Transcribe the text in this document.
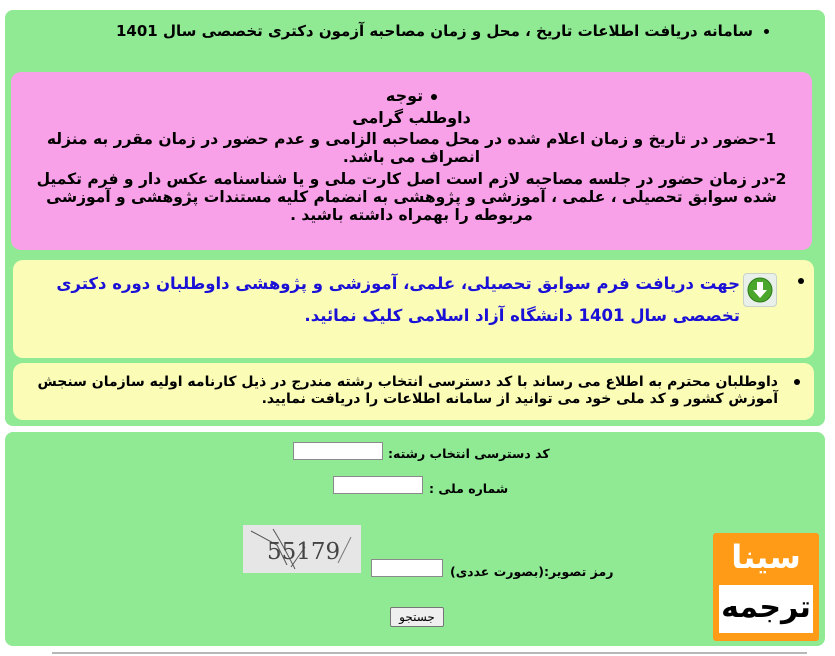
• سامانه دریافت اطلاعات تاریخ ، محل و زمان مصاحبه آزمون دکتری تخصصی سال 1401
توجه
داوطلب گرامی
1-حضور در تاریخ و زمان اعلام شده در محل مصاحبه الزامی و عدم حضور در زمان مقرر به منزله انصراف می باشد.
2-در زمان حضور در جلسه مصاحبه لازم است اصل کارت ملی و یا شناسنامه عکس دار و فرم تکمیل شده سوابق تحصیلی ، علمی ، آموزشی و پژوهشی به انضمام کلیه مستندات پژوهشی و آموزشی مربوطه را بهمراه داشته باشید .
جهت دریافت فرم سوابق تحصیلی، علمی، آموزشی و پژوهشی داوطلبان دوره دکتری تخصصی سال 1401 دانشگاه آزاد اسلامی کلیک نمائید.
داوطلبان محترم به اطلاع می رساند با کد دسترسی انتخاب رشته مندرج در ذیل کارنامه اولیه سازمان سنجش آموزش کشور و کد ملی خود می توانید از سامانه اطلاعات را دریافت نمایید.
کد دسترسی انتخاب رشته:
شماره ملی :
55179
رمز تصویر:(بصورت عددی)
جستجو
سینا
ترجمه
